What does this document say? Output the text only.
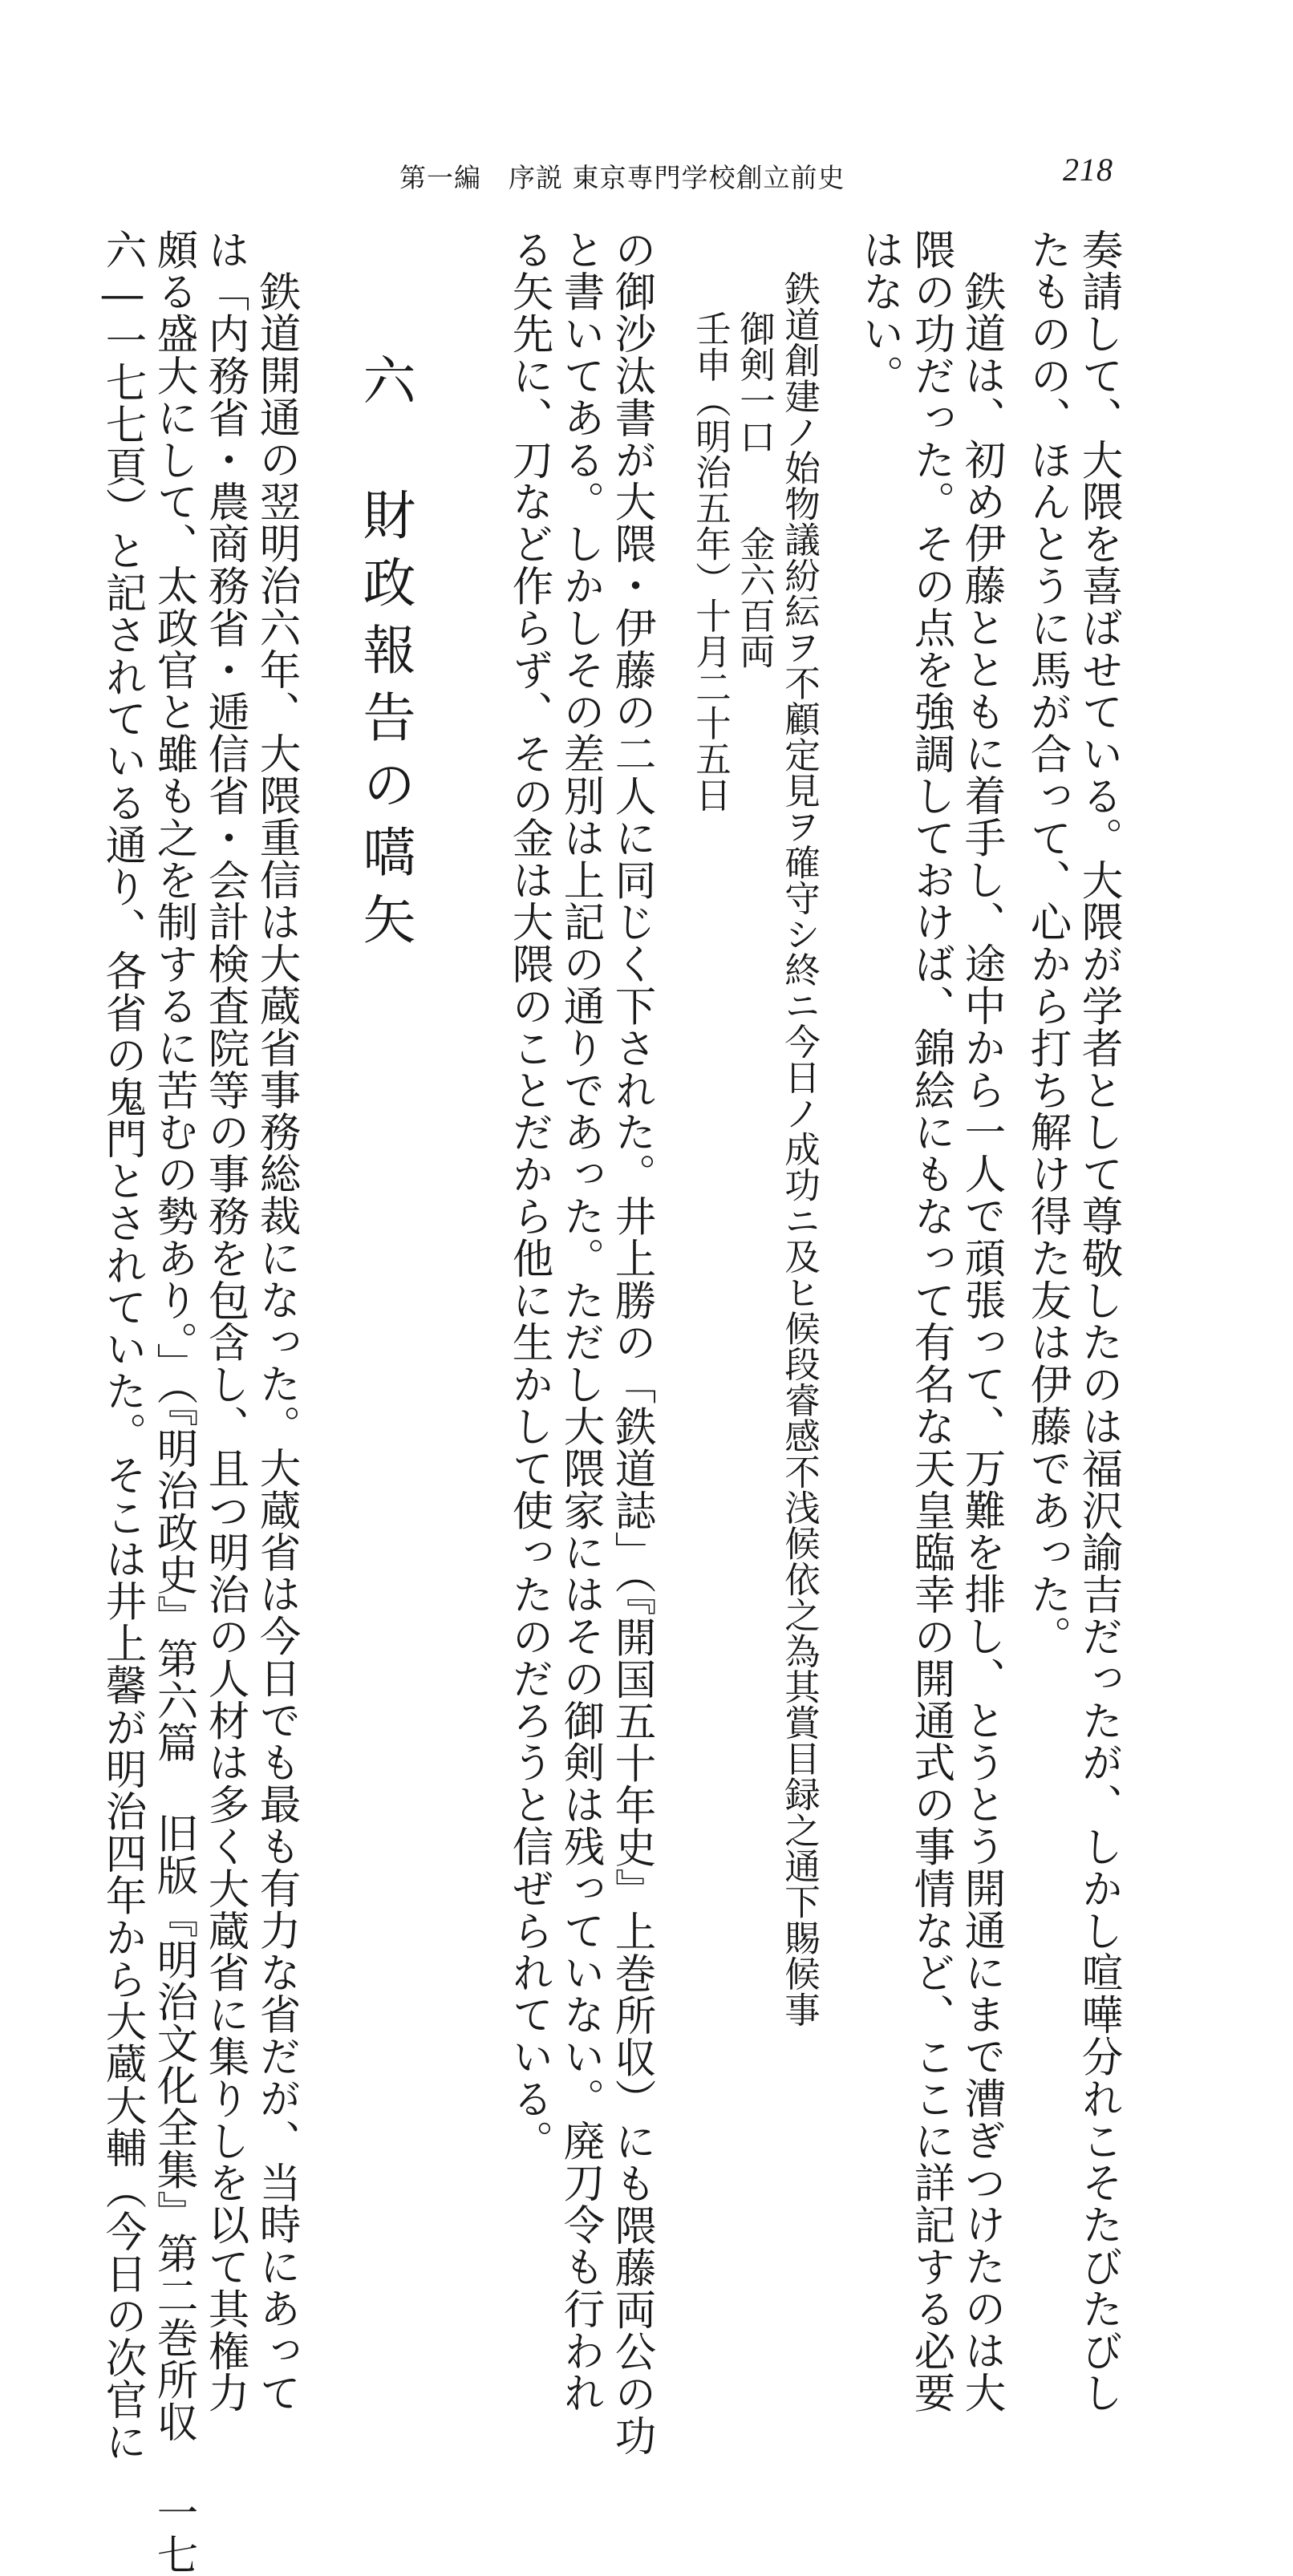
第一編　序説 東京専門学校創立前史	218
奏請して、大隈を喜ばせている。大隈が学者として尊敬したのは福沢諭吉だったが、しかし喧嘩分れこそたびたびし
たものの、ほんとうに馬が合って、心から打ち解け得た友は伊藤であった。
鉄道は、初め伊藤とともに着手し、途中から一人で頑張って、万難を排し、とうとう開通にまで漕ぎつけたのは大
隈の功だった。その点を強調しておけば、錦絵にもなって有名な天皇臨幸の開通式の事情など、ここに詳記する必要
はない。
鉄道創建ノ始物議紛紜ヲ不顧定見ヲ確守シ終ニ今日ノ成功ニ及ヒ候段睿感不浅候依之為其賞目録之通下賜候事
御剣一口　　金六百両
壬申（明治五年）十月二十五日
の御沙汰書が大隈・伊藤の二人に同じく下された。井上勝の「鉄道誌」（『開国五十年史』上巻所収）にも隈藤両公の功
と書いてある。しかしその差別は上記の通りであった。ただし大隈家にはその御剣は残っていない。廃刀令も行われ
る矢先に、刀など作らず、その金は大隈のことだから他に生かして使ったのだろうと信ぜられている。
六　財政報告の嚆矢
鉄道開通の翌明治六年、大隈重信は大蔵省事務総裁になった。大蔵省は今日でも最も有力な省だが、当時にあって
は「内務省・農商務省・逓信省・会計検査院等の事務を包含し、且つ明治の人材は多く大蔵省に集りしを以て其権力
頗る盛大にして、太政官と雖も之を制するに苦むの勢あり。」（『明治政史』第六篇 旧版『明治文化全集』第二巻所収 一七
六―一七七頁）と記されている通り、各省の鬼門とされていた。そこは井上馨が明治四年から大蔵大輔（今日の次官に
